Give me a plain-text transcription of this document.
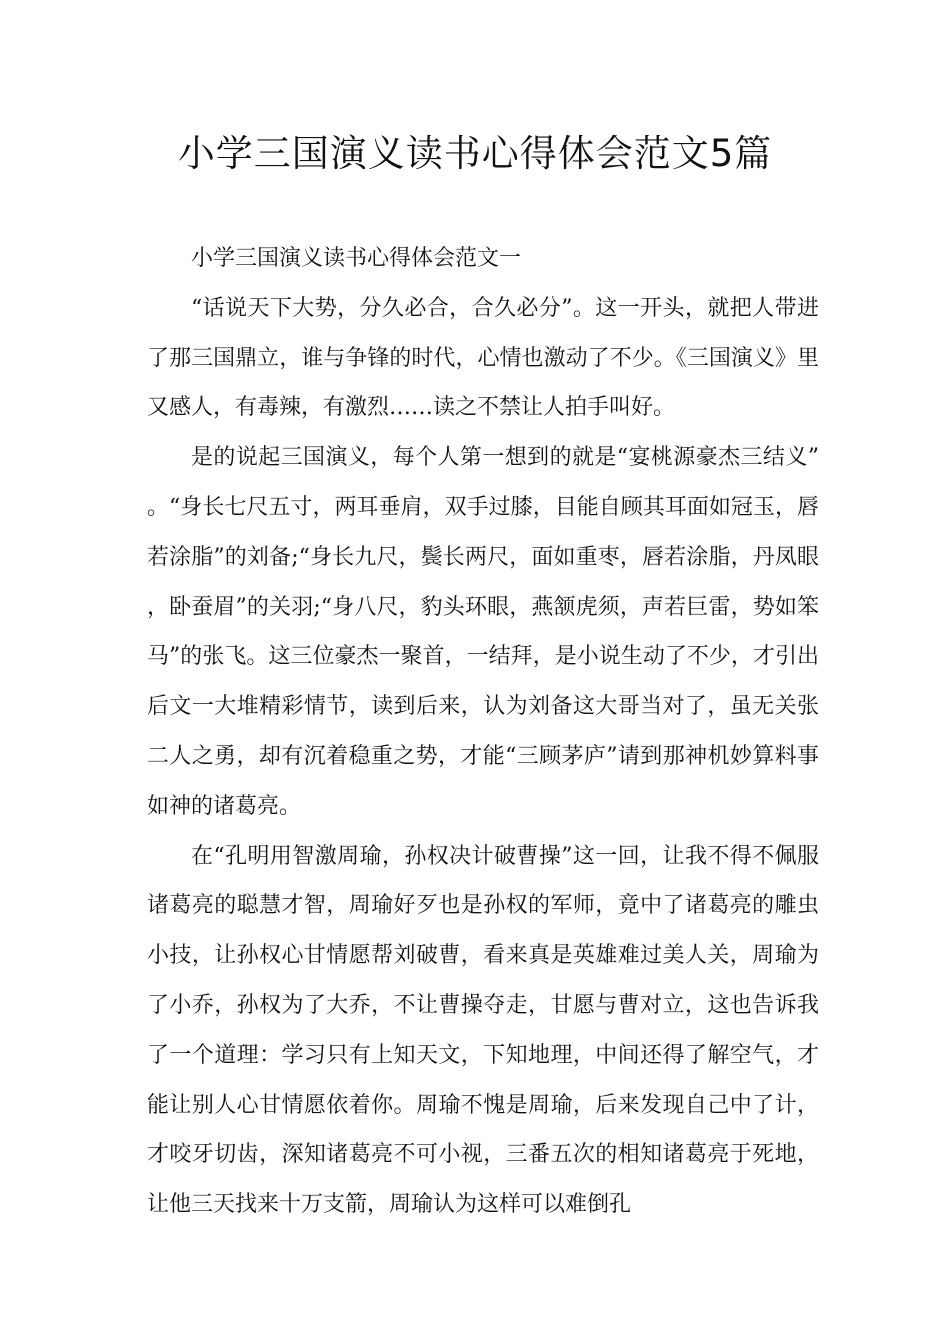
小学三国演义读书心得体会范文5篇

小学三国演义读书心得体会范文一

“话说天下大势，分久必合，合久必分”。这一开头，就把人带进了那三国鼎立，谁与争锋的时代，心情也激动了不少。《三国演义》里又感人，有毒辣，有激烈……读之不禁让人拍手叫好。

是的说起三国演义，每个人第一想到的就是“宴桃源豪杰三结义”。“身长七尺五寸，两耳垂肩，双手过膝，目能自顾其耳面如冠玉，唇若涂脂”的刘备;“身长九尺，鬓长两尺，面如重枣，唇若涂脂，丹凤眼，卧蚕眉”的关羽;“身八尺，豹头环眼，燕颔虎须，声若巨雷，势如笨马”的张飞。这三位豪杰一聚首，一结拜，是小说生动了不少，才引出后文一大堆精彩情节，读到后来，认为刘备这大哥当对了，虽无关张二人之勇，却有沉着稳重之势，才能“三顾茅庐”请到那神机妙算料事如神的诸葛亮。

在“孔明用智激周瑜，孙权决计破曹操”这一回，让我不得不佩服诸葛亮的聪慧才智，周瑜好歹也是孙权的军师，竟中了诸葛亮的雕虫小技，让孙权心甘情愿帮刘破曹，看来真是英雄难过美人关，周瑜为了小乔，孙权为了大乔，不让曹操夺走，甘愿与曹对立，这也告诉我了一个道理：学习只有上知天文，下知地理，中间还得了解空气，才能让别人心甘情愿依着你。周瑜不愧是周瑜，后来发现自己中了计，才咬牙切齿，深知诸葛亮不可小视，三番五次的相知诸葛亮于死地，让他三天找来十万支箭，周瑜认为这样可以难倒孔
